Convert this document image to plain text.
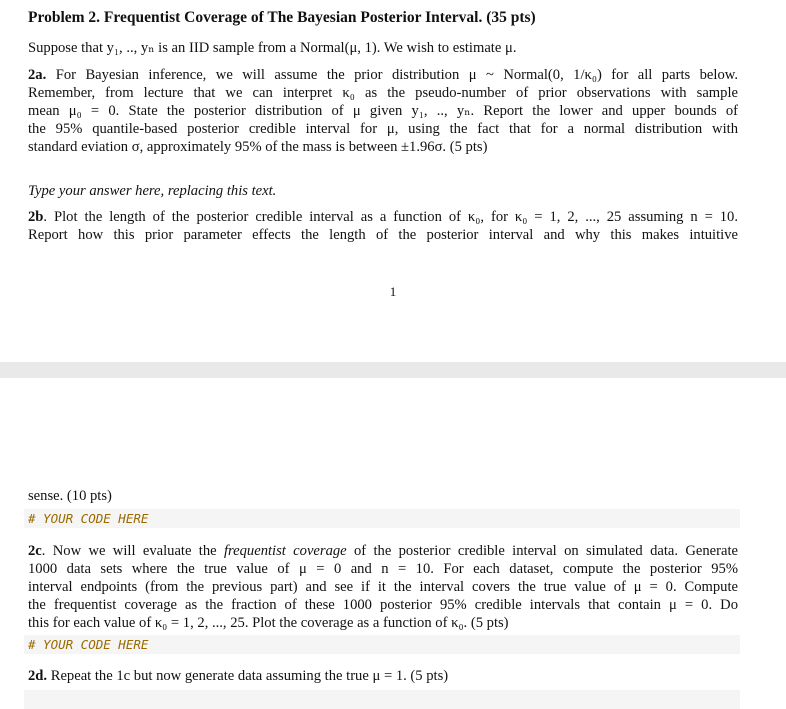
Problem 2. Frequentist Coverage of The Bayesian Posterior Interval. (35 pts)
Suppose that y₁, .., yₙ is an IID sample from a Normal(μ, 1). We wish to estimate μ.
2a. For Bayesian inference, we will assume the prior distribution μ ~ Normal(0, 1/κ₀) for all parts below.
Remember, from lecture that we can interpret κ₀ as the pseudo-number of prior observations with sample
mean μ₀ = 0. State the posterior distribution of μ given y₁, .., yₙ. Report the lower and upper bounds of
the 95% quantile-based posterior credible interval for μ, using the fact that for a normal distribution with
standard eviation σ, approximately 95% of the mass is between ±1.96σ. (5 pts)
Type your answer here, replacing this text.
2b. Plot the length of the posterior credible interval as a function of κ₀, for κ₀ = 1, 2, ..., 25 assuming n = 10.
Report how this prior parameter effects the length of the posterior interval and why this makes intuitive
1
sense. (10 pts)
# YOUR CODE HERE
2c. Now we will evaluate the frequentist coverage of the posterior credible interval on simulated data. Generate
1000 data sets where the true value of μ = 0 and n = 10. For each dataset, compute the posterior 95%
interval endpoints (from the previous part) and see if it the interval covers the true value of μ = 0. Compute
the frequentist coverage as the fraction of these 1000 posterior 95% credible intervals that contain μ = 0. Do
this for each value of κ₀ = 1, 2, ..., 25. Plot the coverage as a function of κ₀. (5 pts)
# YOUR CODE HERE
2d. Repeat the 1c but now generate data assuming the true μ = 1. (5 pts)
